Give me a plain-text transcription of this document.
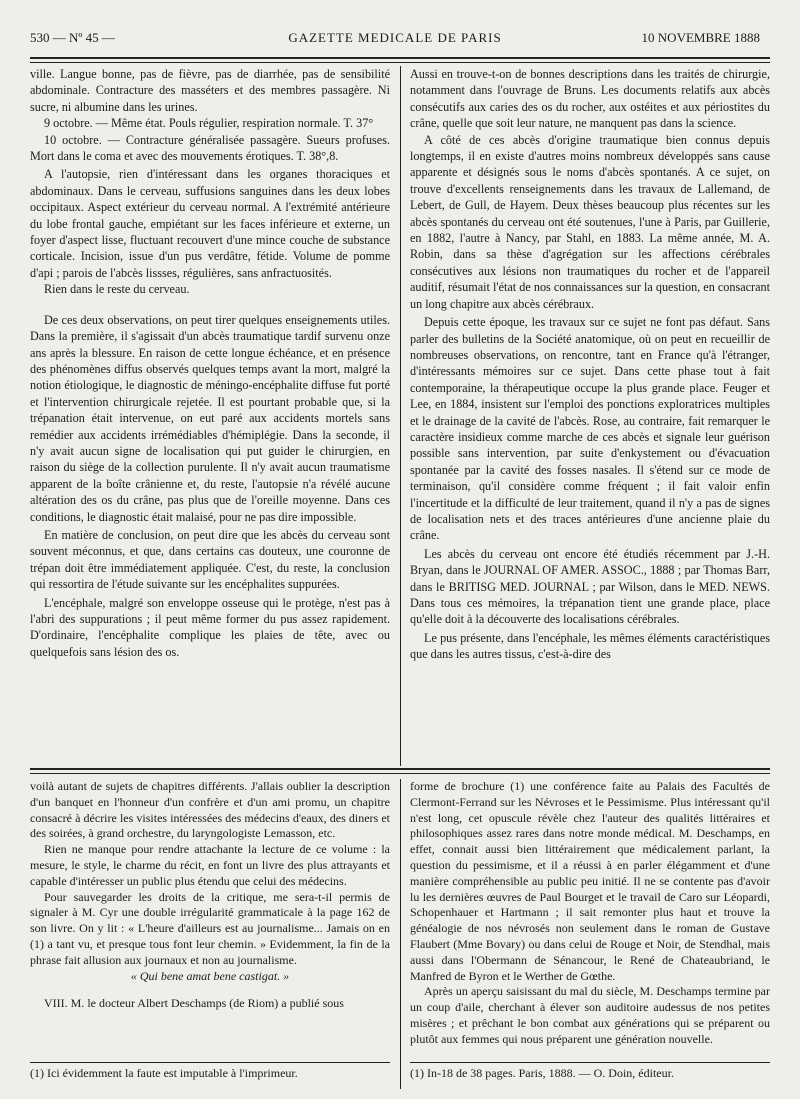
530 — Nº 45 —	GAZETTE MEDICALE DE PARIS	10 NOVEMBRE 1888

ville. Langue bonne, pas de fièvre, pas de diarrhée, pas de sensibilité abdominale. Contracture des masséters et des membres passagère. Ni sucre, ni albumine dans les urines.

9 octobre. — Même état. Pouls régulier, respiration normale. T. 37°

10 octobre. — Contracture généralisée passagère. Sueurs profuses. Mort dans le coma et avec des mouvements érotiques. T. 38°,8.

A l'autopsie, rien d'intéressant dans les organes thoraciques et abdominaux. Dans le cerveau, suffusions sanguines dans les deux lobes occipitaux. Aspect extérieur du cerveau normal. A l'extrémité antérieure du lobe frontal gauche, empiétant sur les faces inférieure et externe, un foyer d'aspect lisse, fluctuant recouvert d'une mince couche de substance corticale. Incision, issue d'un pus verdâtre, fétide. Volume de pomme d'api ; parois de l'abcès lissses, régulières, sans anfractuosités.

Rien dans le reste du cerveau.

De ces deux observations, on peut tirer quelques enseignements utiles. Dans la première, il s'agissait d'un abcès traumatique tardif survenu onze ans après la blessure. En raison de cette longue échéance, et en présence des phénomènes diffus observés quelques temps avant la mort, malgré la notion étiologique, le diagnostic de méningo-encéphalite diffuse fut porté et l'intervention chirurgicale rejetée. Il est pourtant probable que, si la trépanation était intervenue, on eut paré aux accidents mortels sans remédier aux accidents irrémédiables d'hémiplégie. Dans la seconde, il n'y avait aucun signe de localisation qui put guider le chirurgien, en raison du siège de la collection purulente. Il n'y avait aucun traumatisme apparent de la boîte crânienne et, du reste, l'autopsie n'a révélé aucune altération des os du crâne, pas plus que de l'oreille moyenne. Dans ces conditions, le diagnostic était malaisé, pour ne pas dire impossible.

En matière de conclusion, on peut dire que les abcès du cerveau sont souvent méconnus, et que, dans certains cas douteux, une couronne de trépan doit être immédiatement appliquée. C'est, du reste, la conclusion qui ressortira de l'étude suivante sur les encéphalites suppurées.

L'encéphale, malgré son enveloppe osseuse qui le protège, n'est pas à l'abri des suppurations ; il peut même former du pus assez rapidement. D'ordinaire, l'encéphalite complique les plaies de tête, avec ou quelquefois sans lésion des os.

Aussi en trouve-t-on de bonnes descriptions dans les traités de chirurgie, notamment dans l'ouvrage de Bruns. Les documents relatifs aux abcès consécutifs aux caries des os du rocher, aux ostéites et aux périostites du crâne, quelle que soit leur nature, ne manquent pas dans la science.

A côté de ces abcès d'origine traumatique bien connus depuis longtemps, il en existe d'autres moins nombreux développés sans cause apparente et désignés sous le noms d'abcès spontanés. A ce sujet, on trouve d'excellents renseignements dans les travaux de Lallemand, de Lebert, de Gull, de Hayem. Deux thèses beaucoup plus récentes sur les abcès spontanés du cerveau ont été soutenues, l'une à Paris, par Guillerie, en 1882, l'autre à Nancy, par Stahl, en 1883. La même année, M. A. Robin, dans sa thèse d'agrégation sur les affections cérébrales consécutives aux lésions non traumatiques du rocher et de l'appareil auditif, résumait l'état de nos connaissances sur la question, en consacrant un long chapitre aux abcès cérébraux.

Depuis cette époque, les travaux sur ce sujet ne font pas défaut. Sans parler des bulletins de la Société anatomique, où on peut en recueillir de nombreuses observations, on rencontre, tant en France qu'à l'étranger, d'intéressants mémoires sur ce sujet. Dans cette phase tout à fait contemporaine, la thérapeutique occupe la plus grande place. Feuger et Lee, en 1884, insistent sur l'emploi des ponctions exploratrices multiples et le drainage de la cavité de l'abcès. Rose, au contraire, fait remarquer le caractère insidieux comme marche de ces abcès et signale leur guérison possible sans intervention, par suite d'enkystement ou d'évacuation spontanée par la cavité des fosses nasales. Il s'étend sur ce mode de terminaison, qu'il considère comme fréquent ; il fait valoir enfin l'incertitude et la difficulté de leur traitement, quand il n'y a pas de signes de localisation nets et des traces antérieures d'une ancienne plaie du crâne.

Les abcès du cerveau ont encore été étudiés récemment par J.-H. Bryan, dans le JOURNAL OF AMER. ASSOC., 1888 ; par Thomas Barr, dans le BRITISG MED. JOURNAL ; par Wilson, dans le MED. NEWS. Dans tous ces mémoires, la trépanation tient une grande place, place qu'elle doit à la découverte des localisations cérébrales.

Le pus présente, dans l'encéphale, les mêmes éléments caractéristiques que dans les autres tissus, c'est-à-dire des

voilà autant de sujets de chapitres différents. J'allais oublier la description d'un banquet en l'honneur d'un confrère et d'un ami promu, un chapitre consacré à décrire les visites intéressées des médecins d'eaux, des diners et des soirées, à grand orchestre, du laryngologiste Lemasson, etc.

Rien ne manque pour rendre attachante la lecture de ce volume : la mesure, le style, le charme du récit, en font un livre des plus attrayants et capable d'intéresser un public plus étendu que celui des médecins.

Pour sauvegarder les droits de la critique, me sera-t-il permis de signaler à M. Cyr une double irrégularité grammaticale à la page 162 de son livre. On y lit : « L'heure d'ailleurs est au journalisme... Jamais on en (1) a tant vu, et presque tous font leur chemin. » Evidemment, la fin de la phrase fait allusion aux journaux et non au journalisme.

« Qui bene amat bene castigat. »

VIII. M. le docteur Albert Deschamps (de Riom) a publié sous

forme de brochure (1) une conférence faite au Palais des Facultés de Clermont-Ferrand sur les Névroses et le Pessimisme. Plus intéressant qu'il n'est long, cet opuscule révèle chez l'auteur des qualités littéraires et philosophiques assez rares dans notre monde médical. M. Deschamps, en effet, connait aussi bien littérairement que médicalement parlant, la question du pessimisme, et il a réussi à en parler élégamment et d'une manière compréhensible au public peu initié. Il ne se contente pas d'avoir lu les dernières œuvres de Paul Bourget et le travail de Caro sur Léopardi, Schopenhauer et Hartmann ; il sait remonter plus haut et trouve la généalogie de nos névrosés non seulement dans le roman de Gustave Flaubert (Mme Bovary) ou dans celui de Rouge et Noir, de Stendhal, mais aussi dans l'Obermann de Sénancour, le René de Chateaubriand, le Manfred de Byron et le Werther de Gœthe.

Après un aperçu saisissant du mal du siècle, M. Deschamps termine par un coup d'aile, cherchant à élever son auditoire audessus de nos petites misères ; et prêchant le bon combat aux générations qui se préparent ou plutôt aux femmes qui nous préparent une génération nouvelle.

(1) Ici évidemment la faute est imputable à l'imprimeur.	(1) In-18 de 38 pages. Paris, 1888. — O. Doin, éditeur.
